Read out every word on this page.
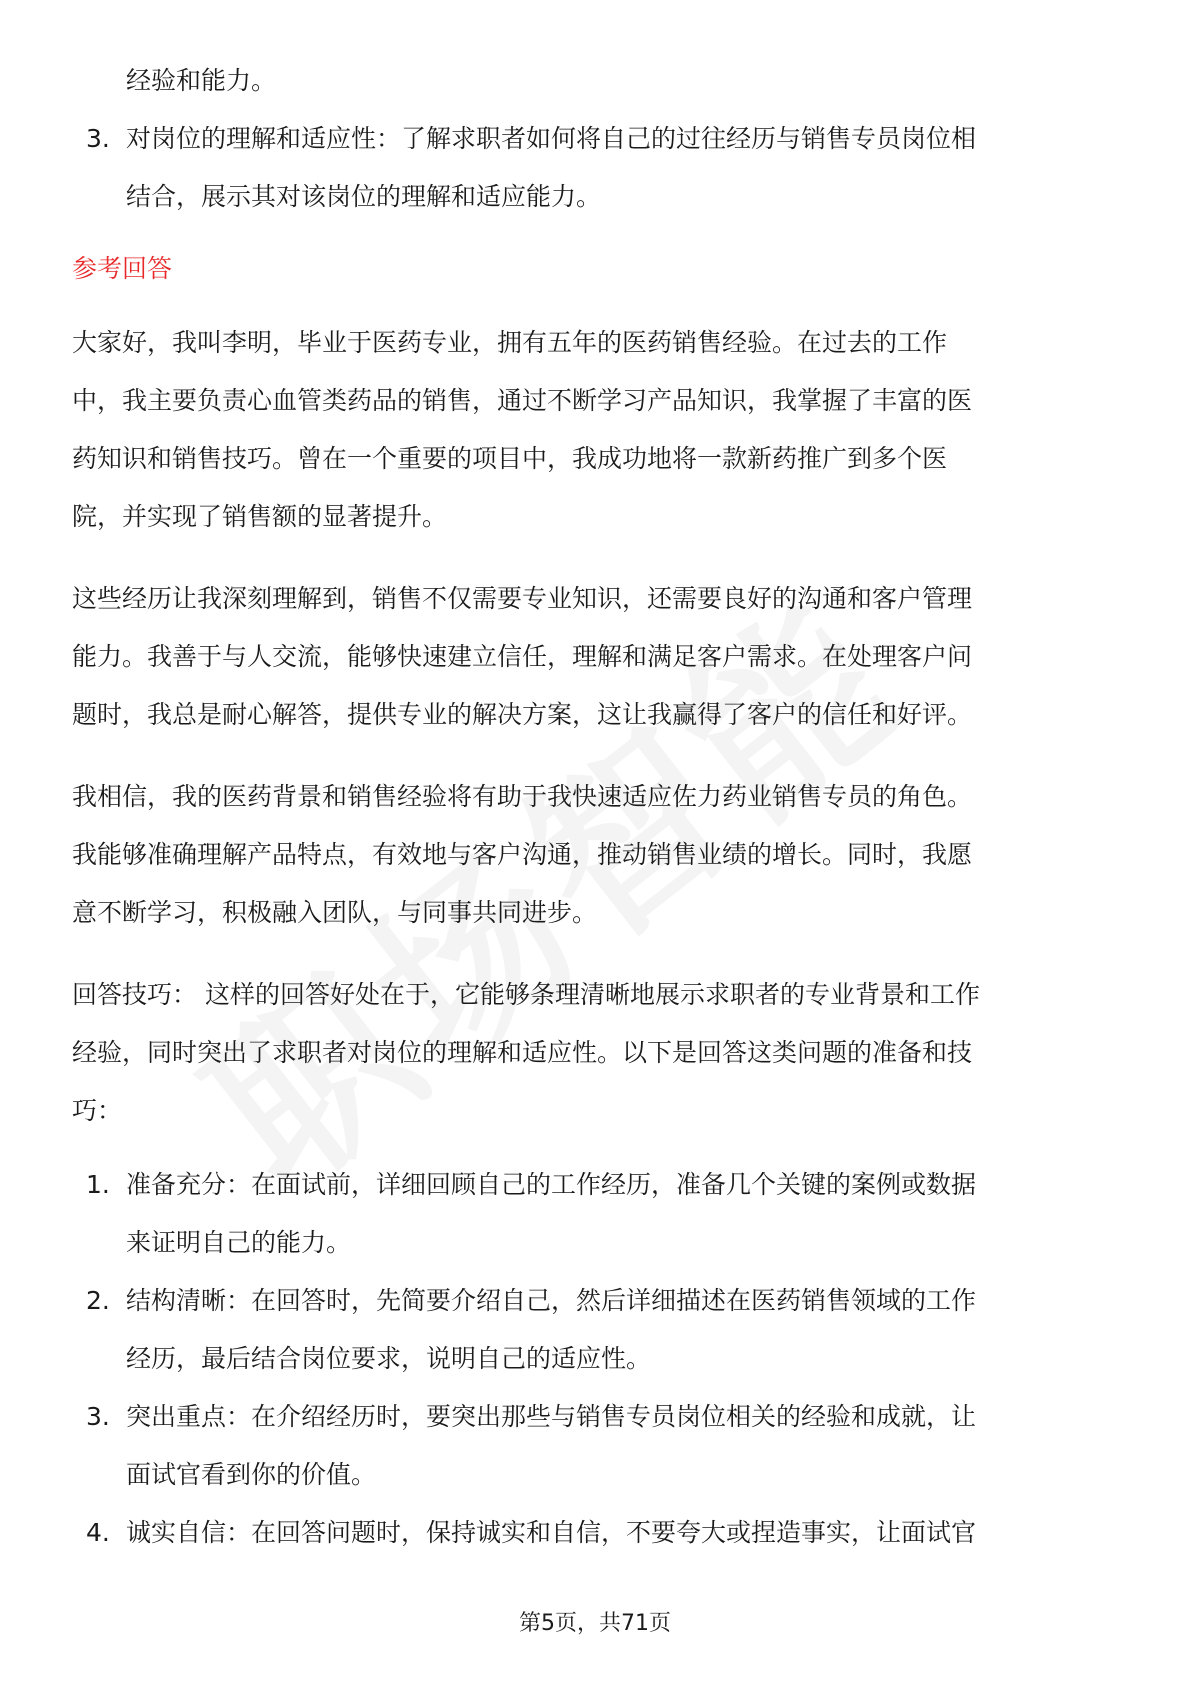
经验和能力。
3. 对岗位的理解和适应性：了解求职者如何将自己的过往经历与销售专员岗位相
结合，展示其对该岗位的理解和适应能力。
参考回答
大家好，我叫李明，毕业于医药专业，拥有五年的医药销售经验。在过去的工作
中，我主要负责心血管类药品的销售，通过不断学习产品知识，我掌握了丰富的医
药知识和销售技巧。曾在一个重要的项目中，我成功地将一款新药推广到多个医
院，并实现了销售额的显著提升。
这些经历让我深刻理解到，销售不仅需要专业知识，还需要良好的沟通和客户管理
能力。我善于与人交流，能够快速建立信任，理解和满足客户需求。在处理客户问
题时，我总是耐心解答，提供专业的解决方案，这让我赢得了客户的信任和好评。
我相信，我的医药背景和销售经验将有助于我快速适应佐力药业销售专员的角色。
我能够准确理解产品特点，有效地与客户沟通，推动销售业绩的增长。同时，我愿
意不断学习，积极融入团队，与同事共同进步。
回答技巧： 这样的回答好处在于，它能够条理清晰地展示求职者的专业背景和工作
经验，同时突出了求职者对岗位的理解和适应性。以下是回答这类问题的准备和技
巧：
1. 准备充分：在面试前，详细回顾自己的工作经历，准备几个关键的案例或数据
来证明自己的能力。
2. 结构清晰：在回答时，先简要介绍自己，然后详细描述在医药销售领域的工作
经历，最后结合岗位要求，说明自己的适应性。
3. 突出重点：在介绍经历时，要突出那些与销售专员岗位相关的经验和成就，让
面试官看到你的价值。
4. 诚实自信：在回答问题时，保持诚实和自信，不要夸大或捏造事实，让面试官
第5页，共71页
